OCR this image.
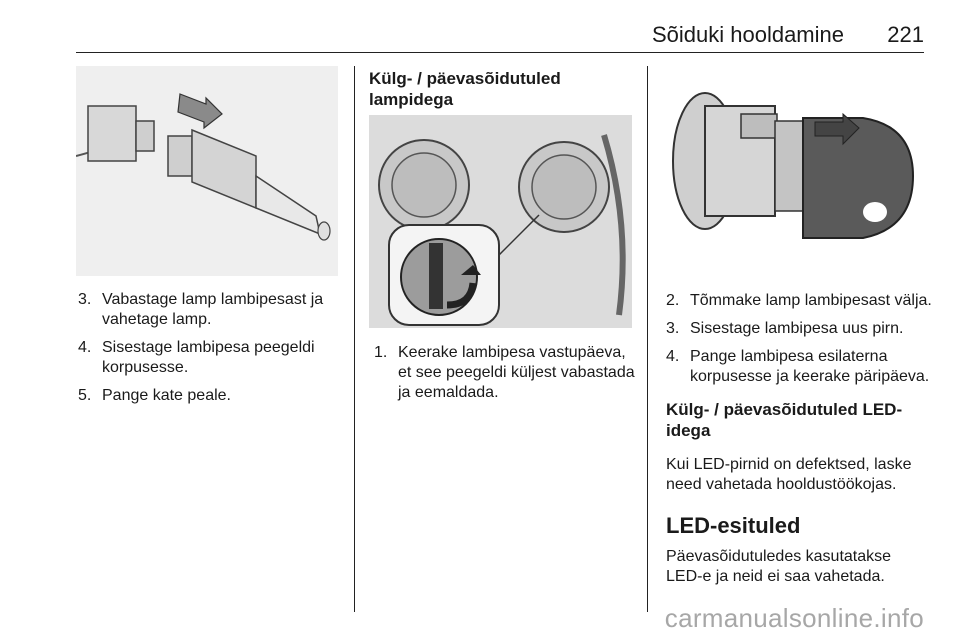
Sõiduki hooldamine 221
3. Vabastage lamp lambipesast ja vahetage lamp.
4. Sisestage lambipesa peegeldi korpusesse.
5. Pange kate peale.
Külg- / päevasõidutuled lampidega
1. Keerake lambipesa vastupäeva, et see peegeldi küljest vabastada ja eemaldada.
2. Tõmmake lamp lambipesast välja.
3. Sisestage lambipesa uus pirn.
4. Pange lambipesa esilaterna korpusesse ja keerake päripäeva.
Külg- / päevasõidutuled LED-idega

Kui LED-pirnid on defektsed, laske need vahetada hooldustöökojas.

LED-esituled

Päevasõidutuledes kasutatakse LED-e ja neid ei saa vahetada.

carmanualsonline.info
